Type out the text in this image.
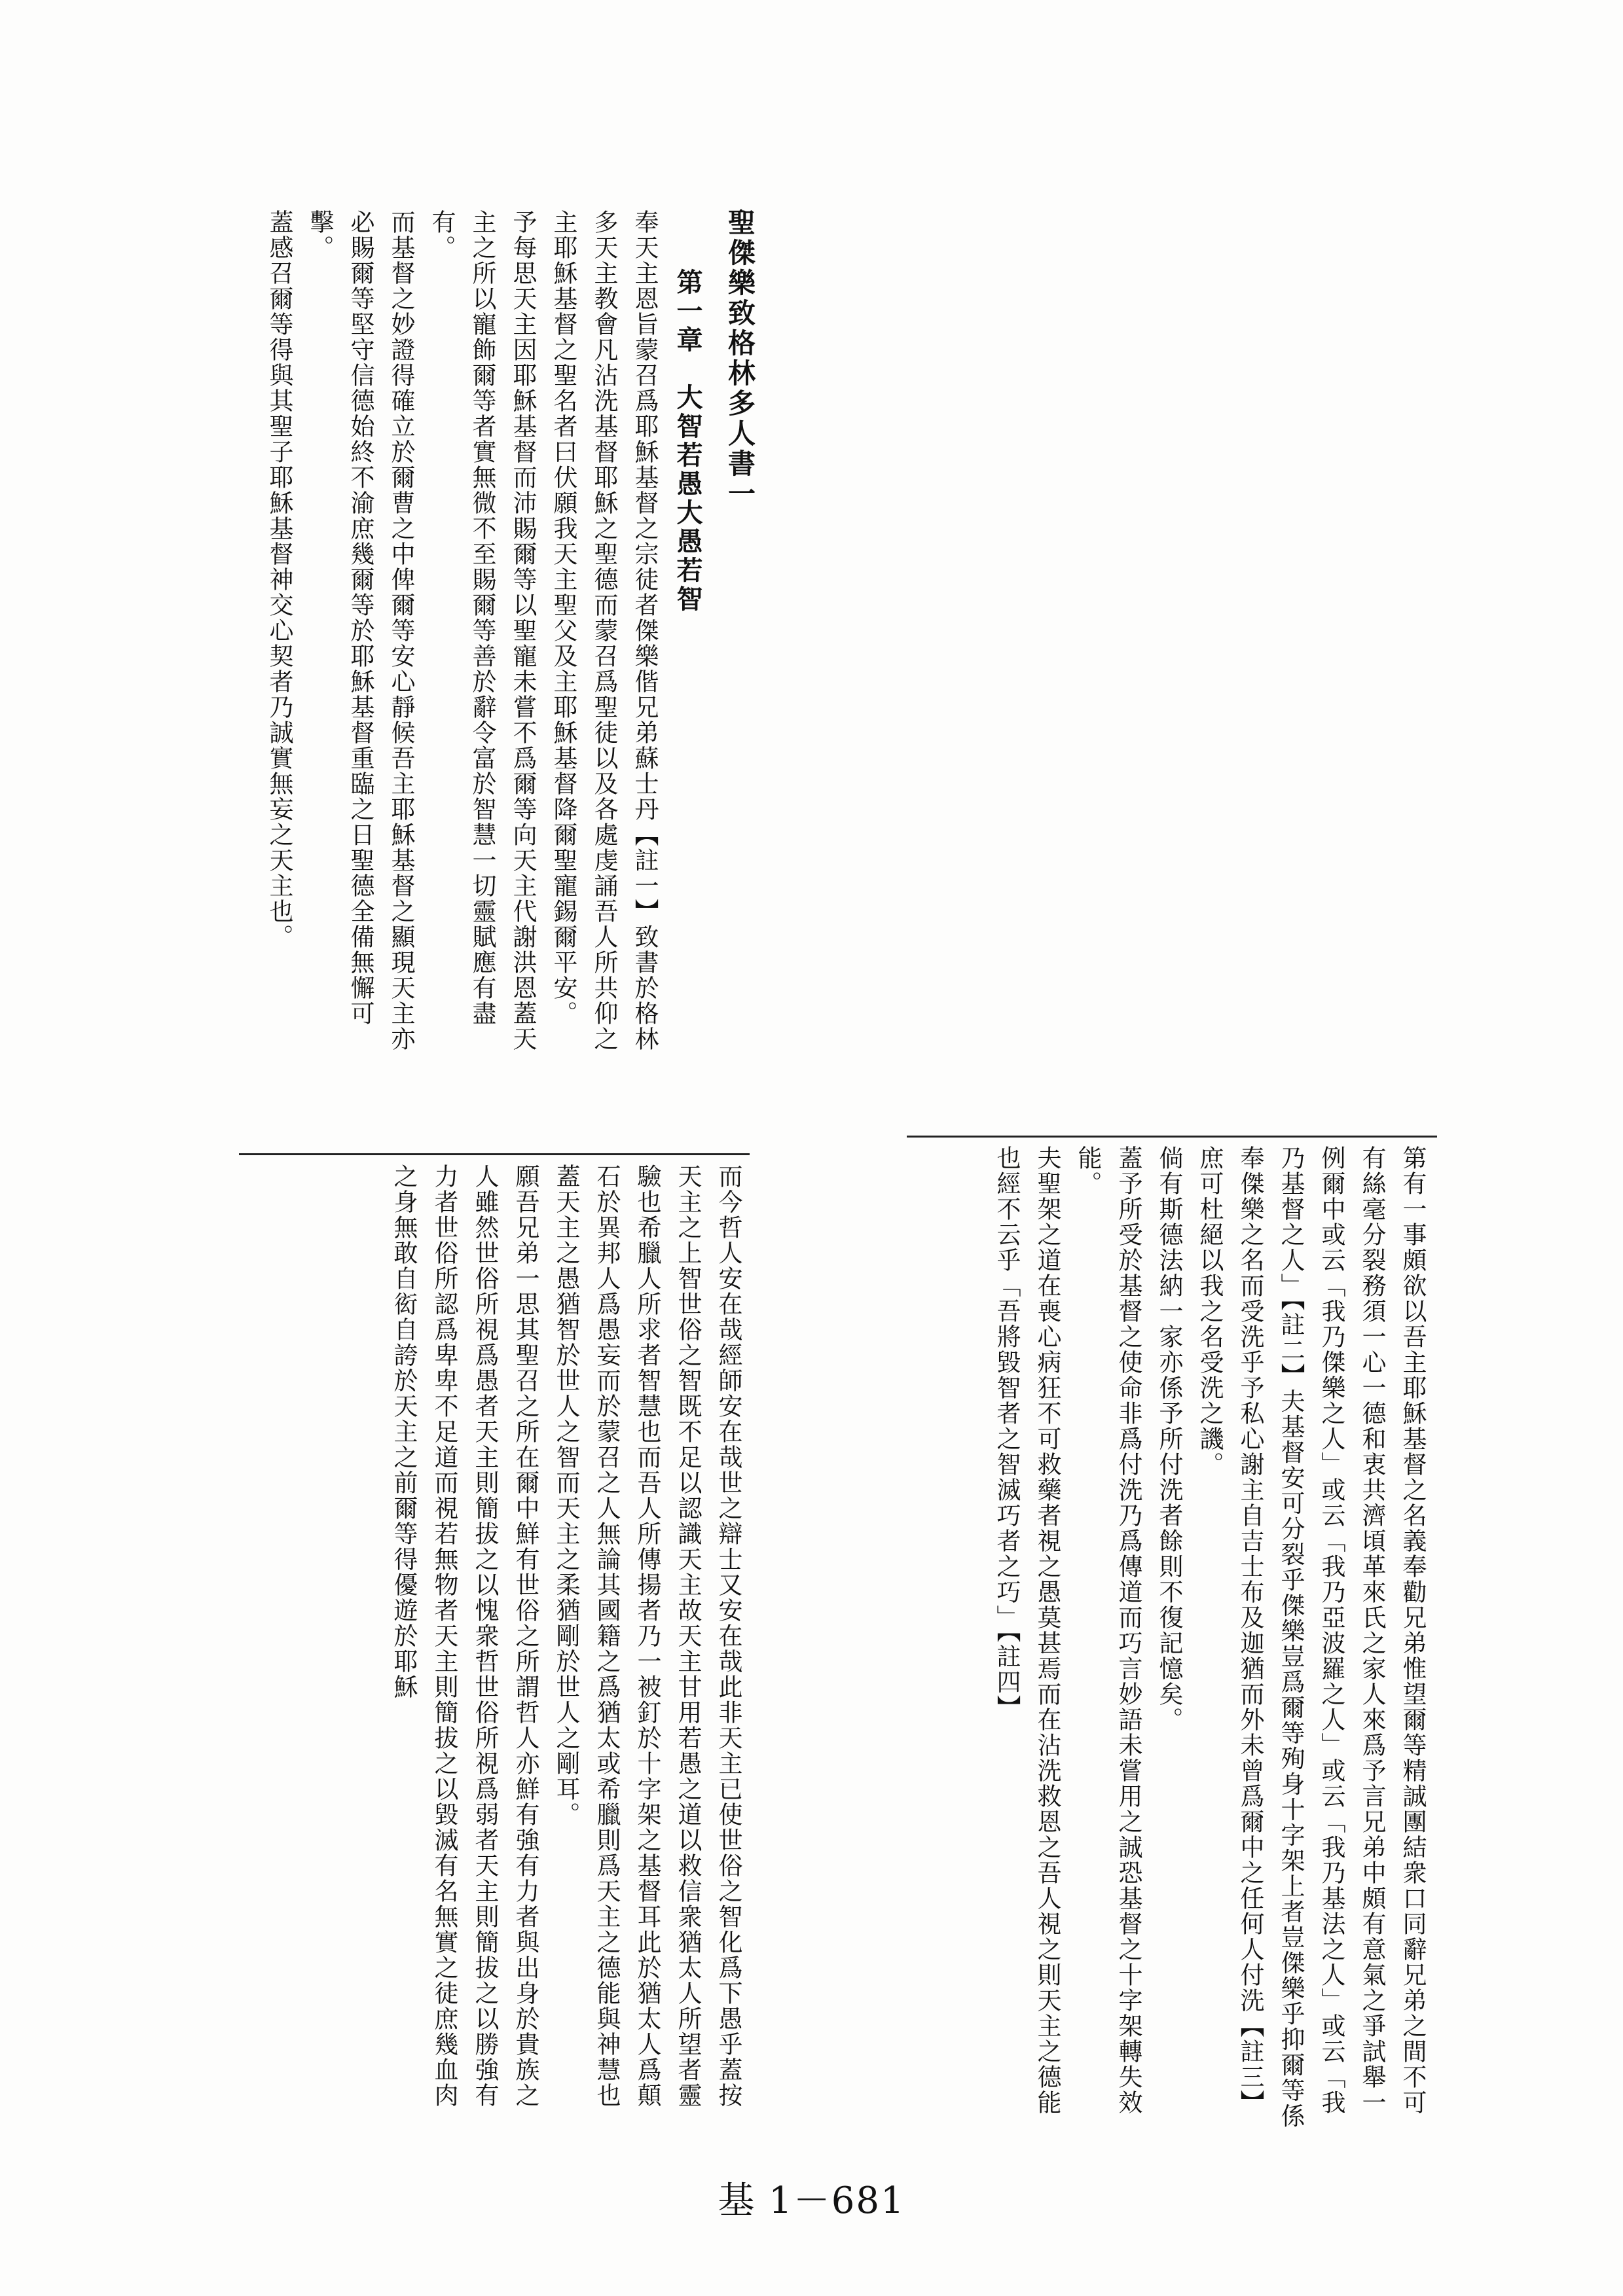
聖傑樂致格林多人書一
第一章　大智若愚大愚若智

奉天主恩旨蒙召爲耶穌基督之宗徒者傑樂偕兄弟蘇士丹【註一】致書於格林多天主教會凡沾洗基督耶穌之聖德而蒙召爲聖徒以及各處虔誦吾人所共仰之主耶穌基督之聖名者曰伏願我天主聖父及主耶穌基督降爾聖寵錫爾平安。

予每思天主因耶穌基督而沛賜爾等以聖寵未嘗不爲爾等向天主代謝洪恩蓋天主之所以寵飾爾等者實無微不至賜爾等善於辭令富於智慧一切靈賦應有盡有。

而基督之妙證得確立於爾曹之中俾爾等安心靜候吾主耶穌基督之顯現天主亦必賜爾等堅守信德始終不渝庶幾爾等於耶穌基督重臨之日聖德全備無懈可擊。

蓋感召爾等得與其聖子耶穌基督神交心契者乃誠實無妄之天主也。

第有一事頗欲以吾主耶穌基督之名義奉勸兄弟惟望爾等精誠團結衆口同辭兄弟之間不可有絲毫分裂務須一心一德和衷共濟頃革來氏之家人來爲予言兄弟中頗有意氣之爭試舉一例爾中或云「我乃傑樂之人」或云「我乃亞波羅之人」或云「我乃基法之人」或云「我乃基督之人」【註二】夫基督安可分裂乎傑樂豈爲爾等殉身十字架上者豈傑樂乎抑爾等係奉傑樂之名而受洗乎予私心謝主自吉士布及迦猶而外未曾爲爾中之任何人付洗【註三】庶可杜絕以我之名受洗之譏。

倘有斯德法納一家亦係予所付洗者餘則不復記憶矣。

蓋予所受於基督之使命非爲付洗乃爲傳道而巧言妙語未嘗用之誠恐基督之十字架轉失效能。

夫聖架之道在喪心病狂不可救藥者視之愚莫甚焉而在沾洗救恩之吾人視之則天主之德能也經不云乎「吾將毀智者之智滅巧者之巧」【註四】

而今哲人安在哉經師安在哉世之辯士又安在哉此非天主已使世俗之智化爲下愚乎蓋按天主之上智世俗之智既不足以認識天主故天主甘用若愚之道以救信衆猶太人所望者靈驗也希臘人所求者智慧也而吾人所傳揚者乃一被釘於十字架之基督耳此於猶太人爲顛石於異邦人爲愚妄而於蒙召之人無論其國籍之爲猶太或希臘則爲天主之德能與神慧也蓋天主之愚猶智於世人之智而天主之柔猶剛於世人之剛耳。

願吾兄弟一思其聖召之所在爾中鮮有世俗之所謂哲人亦鮮有強有力者與出身於貴族之人雖然世俗所視爲愚者天主則簡拔之以愧衆哲世俗所視爲弱者天主則簡拔之以勝強有力者世俗所認爲卑卑不足道而視若無物者天主則簡拔之以毀滅有名無實之徒庶幾血肉之身無敢自衒自誇於天主之前爾等得優遊於耶穌

基 1－681
